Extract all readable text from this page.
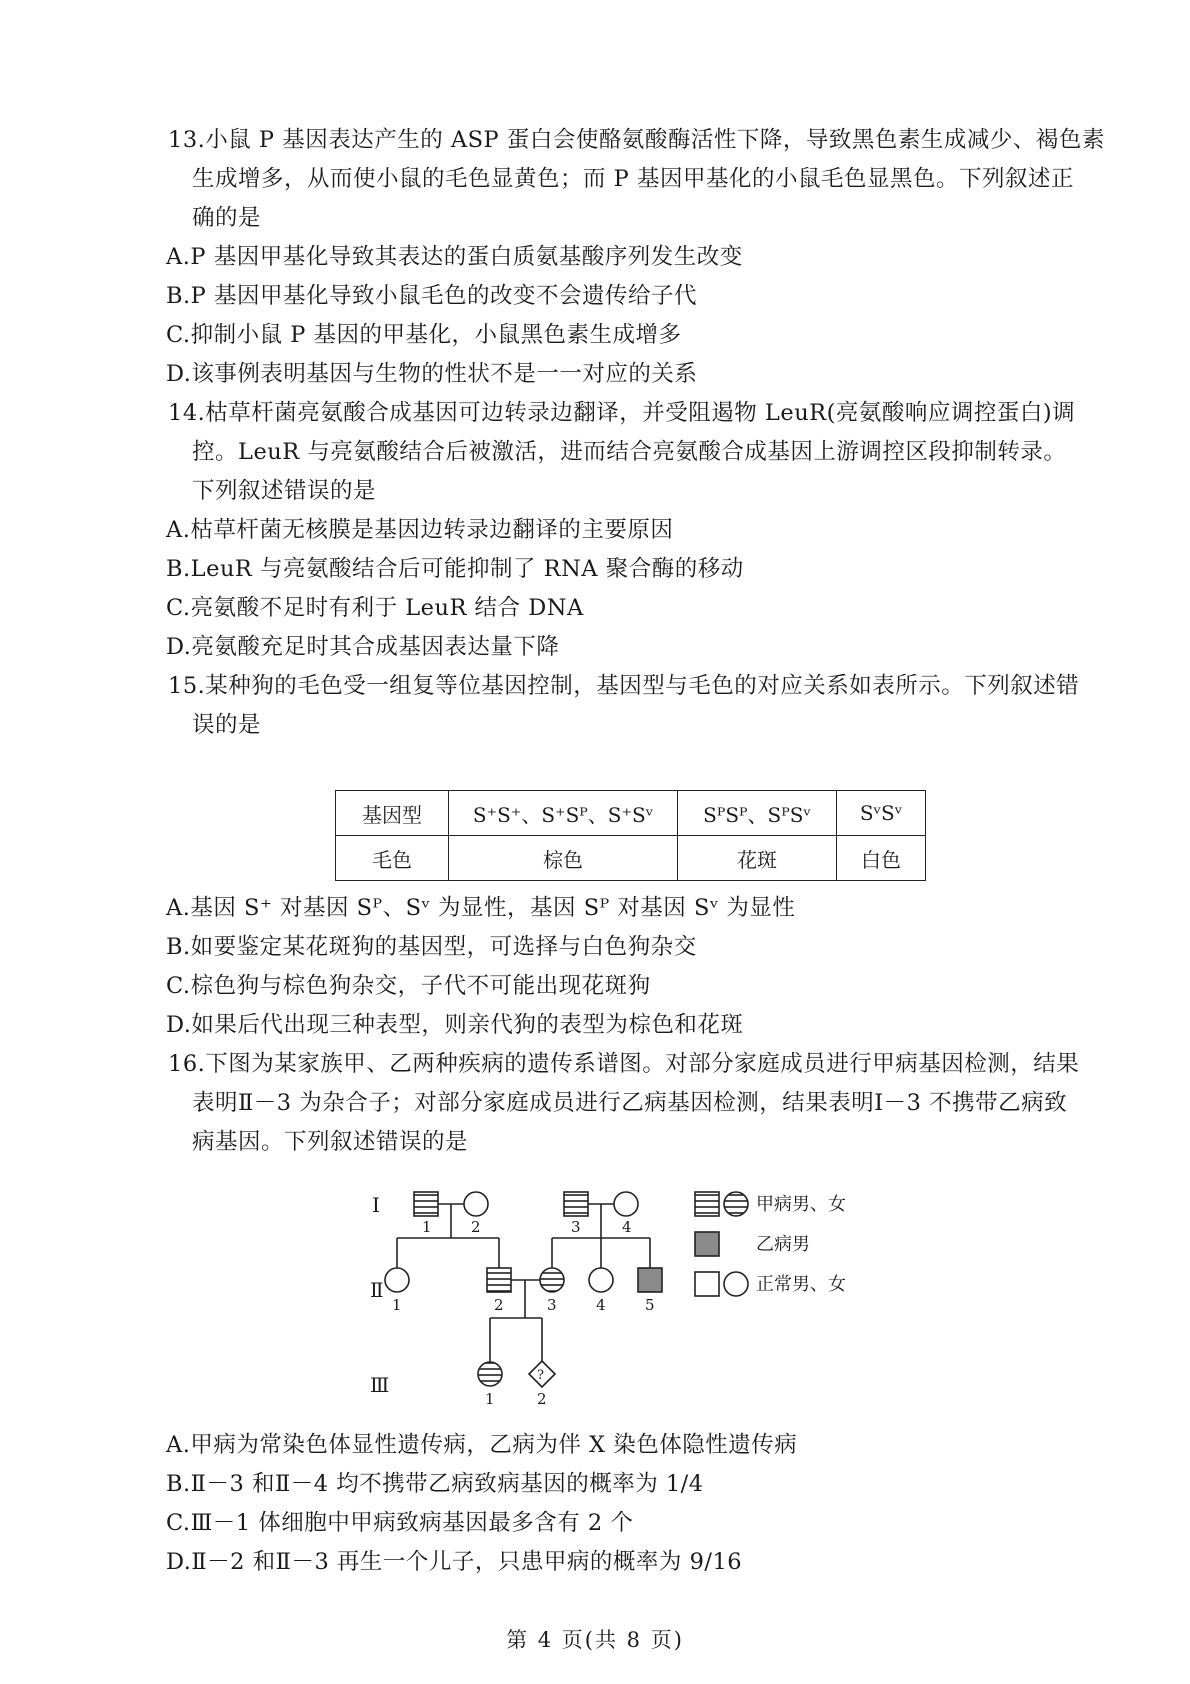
13.小鼠 P 基因表达产生的 ASP 蛋白会使酪氨酸酶活性下降，导致黑色素生成减少、褐色素
生成增多，从而使小鼠的毛色显黄色；而 P 基因甲基化的小鼠毛色显黑色。下列叙述正
确的是
A.P 基因甲基化导致其表达的蛋白质氨基酸序列发生改变
B.P 基因甲基化导致小鼠毛色的改变不会遗传给子代
C.抑制小鼠 P 基因的甲基化，小鼠黑色素生成增多
D.该事例表明基因与生物的性状不是一一对应的关系
14.枯草杆菌亮氨酸合成基因可边转录边翻译，并受阻遏物 LeuR(亮氨酸响应调控蛋白)调
控。LeuR 与亮氨酸结合后被激活，进而结合亮氨酸合成基因上游调控区段抑制转录。
下列叙述错误的是
A.枯草杆菌无核膜是基因边转录边翻译的主要原因
B.LeuR 与亮氨酸结合后可能抑制了 RNA 聚合酶的移动
C.亮氨酸不足时有利于 LeuR 结合 DNA
D.亮氨酸充足时其合成基因表达量下降
15.某种狗的毛色受一组复等位基因控制，基因型与毛色的对应关系如表所示。下列叙述错
误的是
基因型	S⁺S⁺、S⁺Sᴾ、S⁺Sᵛ	SᴾSᴾ、SᴾSᵛ	SᵛSᵛ
毛色	棕色	花斑	白色
A.基因 S⁺ 对基因 Sᴾ、Sᵛ 为显性，基因 Sᴾ 对基因 Sᵛ 为显性
B.如要鉴定某花斑狗的基因型，可选择与白色狗杂交
C.棕色狗与棕色狗杂交，子代不可能出现花斑狗
D.如果后代出现三种表型，则亲代狗的表型为棕色和花斑
16.下图为某家族甲、乙两种疾病的遗传系谱图。对部分家庭成员进行甲病基因检测，结果
表明Ⅱ－3 为杂合子；对部分家庭成员进行乙病基因检测，结果表明Ⅰ－3 不携带乙病致
病基因。下列叙述错误的是
Ⅰ
Ⅱ
Ⅲ
1	2	3	4
1	2	3	4	5
?
1	2
甲病男、女
乙病男
正常男、女
A.甲病为常染色体显性遗传病，乙病为伴 X 染色体隐性遗传病
B.Ⅱ－3 和Ⅱ－4 均不携带乙病致病基因的概率为 1/4
C.Ⅲ－1 体细胞中甲病致病基因最多含有 2 个
D.Ⅱ－2 和Ⅱ－3 再生一个儿子，只患甲病的概率为 9/16
第 4 页(共 8 页)
